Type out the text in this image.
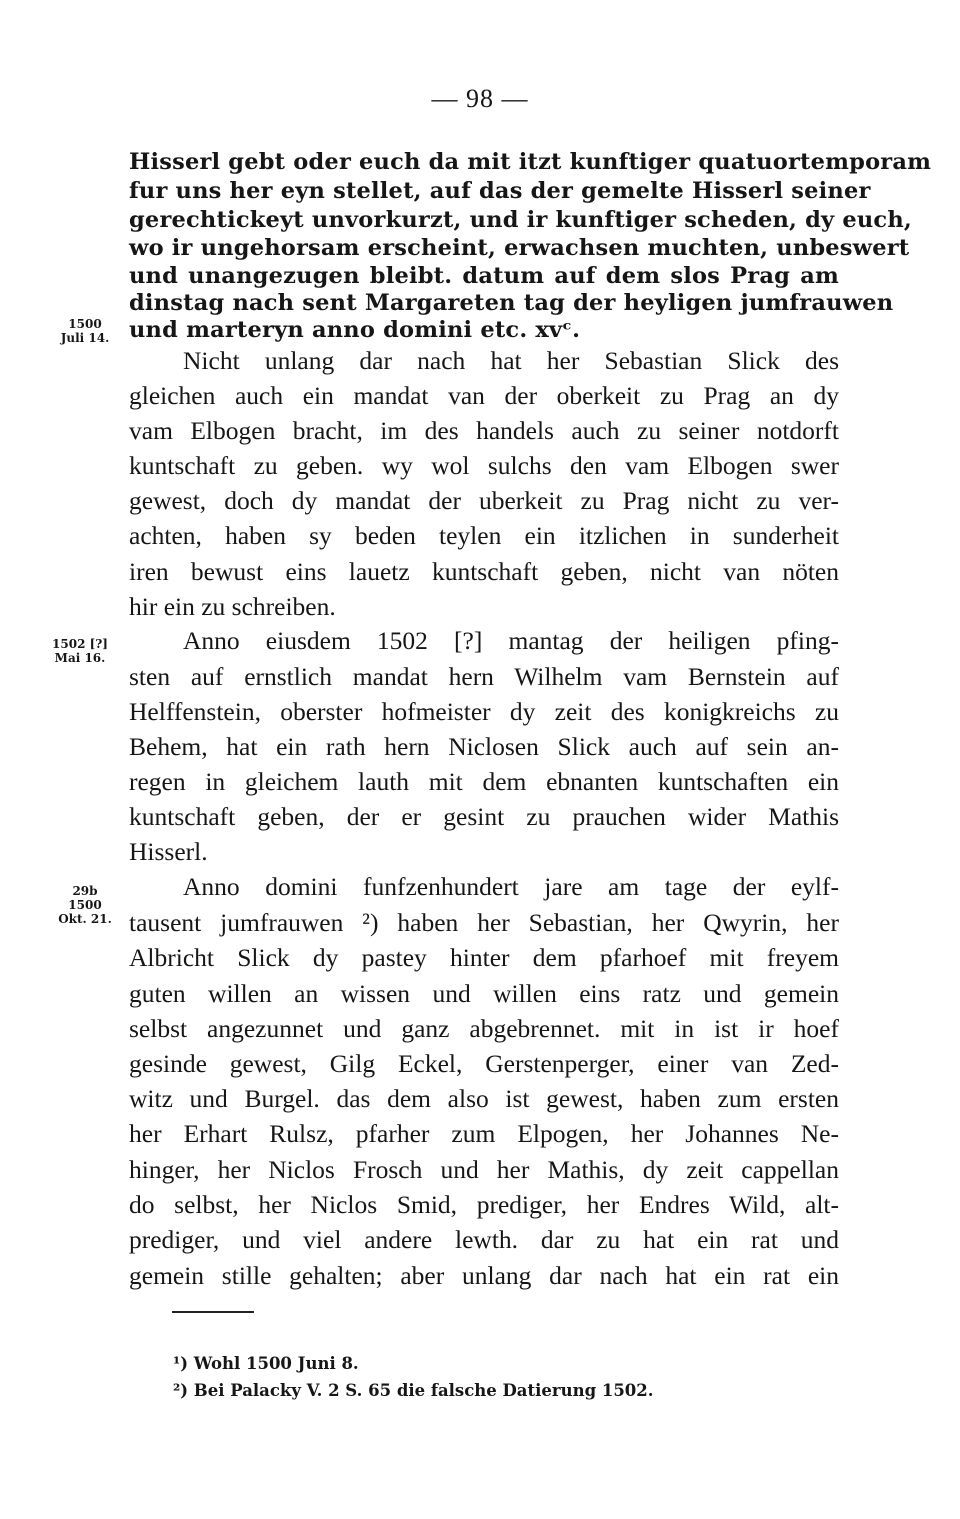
— 98 —
1500
Juli 14.
1502 [?]
Mai 16.
29b
1500
Okt. 21.
Hisserl gebt oder euch da mit itzt kunftiger quatuortemporam
fur uns her eyn stellet, auf das der gemelte Hisserl seiner
gerechtickeyt unvorkurzt, und ir kunftiger scheden, dy euch,
wo ir ungehorsam erscheint, erwachsen muchten, unbeswert
und unangezugen bleibt. datum auf dem slos Prag am
dinstag nach sent Margareten tag der heyligen jumfrauwen
und marteryn anno domini etc. xvᶜ.
Nicht unlang dar nach hat her Sebastian Slick des
gleichen auch ein mandat van der oberkeit zu Prag an dy
vam Elbogen bracht, im des handels auch zu seiner notdorft
kuntschaft zu geben. wy wol sulchs den vam Elbogen swer
gewest, doch dy mandat der uberkeit zu Prag nicht zu ver-
achten, haben sy beden teylen ein itzlichen in sunderheit
iren bewust eins lauetz kuntschaft geben, nicht van nöten
hir ein zu schreiben.
Anno eiusdem 1502 [?] mantag der heiligen pfing-
sten auf ernstlich mandat hern Wilhelm vam Bernstein auf
Helffenstein, oberster hofmeister dy zeit des konigkreichs zu
Behem, hat ein rath hern Niclosen Slick auch auf sein an-
regen in gleichem lauth mit dem ebnanten kuntschaften ein
kuntschaft geben, der er gesint zu prauchen wider Mathis
Hisserl.
Anno domini funfzenhundert jare am tage der eylf-
tausent jumfrauwen ²) haben her Sebastian, her Qwyrin, her
Albricht Slick dy pastey hinter dem pfarhoef mit freyem
guten willen an wissen und willen eins ratz und gemein
selbst angezunnet und ganz abgebrennet. mit in ist ir hoef
gesinde gewest, Gilg Eckel, Gerstenperger, einer van Zed-
witz und Burgel. das dem also ist gewest, haben zum ersten
her Erhart Rulsz, pfarher zum Elpogen, her Johannes Ne-
hinger, her Niclos Frosch und her Mathis, dy zeit cappellan
do selbst, her Niclos Smid, prediger, her Endres Wild, alt-
prediger, und viel andere lewth. dar zu hat ein rat und
gemein stille gehalten; aber unlang dar nach hat ein rat ein
¹) Wohl 1500 Juni 8.
²) Bei Palacky V. 2 S. 65 die falsche Datierung 1502.
